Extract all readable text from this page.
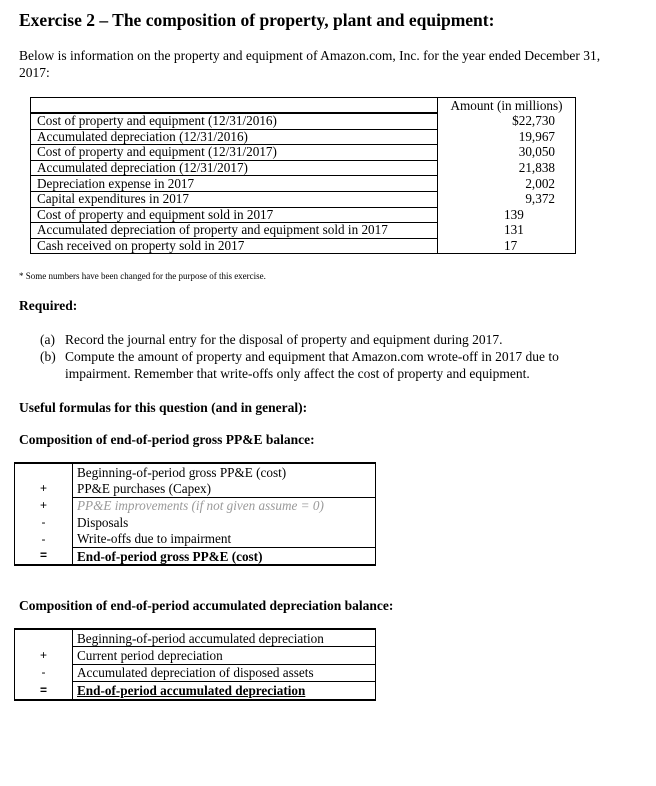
Exercise 2 – The composition of property, plant and equipment:
Below is information on the property and equipment of Amazon.com, Inc. for the year ended December 31, 2017:
	Amount (in millions)
Cost of property and equipment (12/31/2016)	$22,730
Accumulated depreciation (12/31/2016)	19,967
Cost of property and equipment (12/31/2017)	30,050
Accumulated depreciation (12/31/2017)	21,838
Depreciation expense in 2017	2,002
Capital expenditures in 2017	9,372
Cost of property and equipment sold in 2017	139
Accumulated depreciation of property and equipment sold in 2017	131
Cash received on property sold in 2017	17
* Some numbers have been changed for the purpose of this exercise.
Required:
(a) Record the journal entry for the disposal of property and equipment during 2017.
(b) Compute the amount of property and equipment that Amazon.com wrote-off in 2017 due to impairment. Remember that write-offs only affect the cost of property and equipment.
Useful formulas for this question (and in general):
Composition of end-of-period gross PP&E balance:
	Beginning-of-period gross PP&E (cost)
+	PP&E purchases (Capex)
+	PP&E improvements (if not given assume = 0)
-	Disposals
-	Write-offs due to impairment
=	End-of-period gross PP&E (cost)
Composition of end-of-period accumulated depreciation balance:
	Beginning-of-period accumulated depreciation
+	Current period depreciation
-	Accumulated depreciation of disposed assets
=	End-of-period accumulated depreciation
